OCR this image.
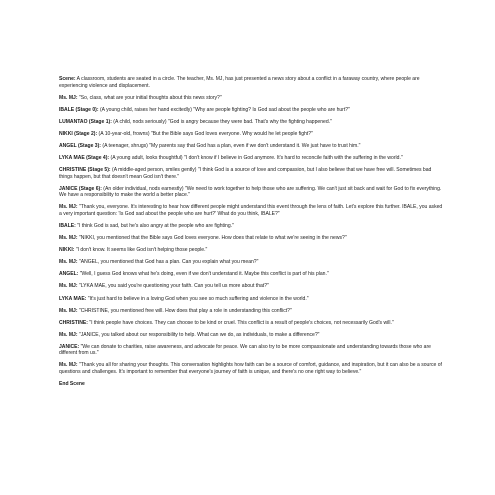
Scene: A classroom, students are seated in a circle. The teacher, Ms. MJ, has just presented a news story about a conflict in a faraway country, where people are experiencing violence and displacement.

Ms. MJ: "So, class, what are your initial thoughts about this news story?"

IBALE (Stage 0): (A young child, raises her hand excitedly) "Why are people fighting? Is God sad about the people who are hurt?"

LUMANTAO (Stage 1): (A child, nods seriously) "God is angry because they were bad. That's why the fighting happened."

NIKKI (Stage 2): (A 10-year-old, frowns) "But the Bible says God loves everyone. Why would he let people fight?"

ANGEL (Stage 3): (A teenager, shrugs) "My parents say that God has a plan, even if we don't understand it. We just have to trust him."

LYKA MAE (Stage 4): (A young adult, looks thoughtful) "I don't know if I believe in God anymore. It's hard to reconcile faith with the suffering in the world."

CHRISTINE (Stage 5): (A middle-aged person, smiles gently) "I think God is a source of love and compassion, but I also believe that we have free will. Sometimes bad things happen, but that doesn't mean God isn't there."

JANICE (Stage 6): (An older individual, nods earnestly) "We need to work together to help those who are suffering. We can't just sit back and wait for God to fix everything. We have a responsibility to make the world a better place."

Ms. MJ: "Thank you, everyone. It's interesting to hear how different people might understand this event through the lens of faith. Let's explore this further. IBALE, you asked a very important question: 'Is God sad about the people who are hurt?' What do you think, IBALE?"

IBALE: "I think God is sad, but he's also angry at the people who are fighting."

Ms. MJ: "NIKKI, you mentioned that the Bible says God loves everyone. How does that relate to what we're seeing in the news?"

NIKKI: "I don't know. It seems like God isn't helping those people."

Ms. MJ: "ANGEL, you mentioned that God has a plan. Can you explain what you mean?"

ANGEL: "Well, I guess God knows what he's doing, even if we don't understand it. Maybe this conflict is part of his plan."

Ms. MJ: "LYKA MAE, you said you're questioning your faith. Can you tell us more about that?"

LYKA MAE: "It's just hard to believe in a loving God when you see so much suffering and violence in the world."

Ms. MJ: "CHRISTINE, you mentioned free will. How does that play a role in understanding this conflict?"

CHRISTINE: "I think people have choices. They can choose to be kind or cruel. This conflict is a result of people's choices, not necessarily God's will."

Ms. MJ: "JANICE, you talked about our responsibility to help. What can we do, as individuals, to make a difference?"

JANICE: "We can donate to charities, raise awareness, and advocate for peace. We can also try to be more compassionate and understanding towards those who are different from us."

Ms. MJ: "Thank you all for sharing your thoughts. This conversation highlights how faith can be a source of comfort, guidance, and inspiration, but it can also be a source of questions and challenges. It's important to remember that everyone's journey of faith is unique, and there's no one right way to believe."

End Scene
